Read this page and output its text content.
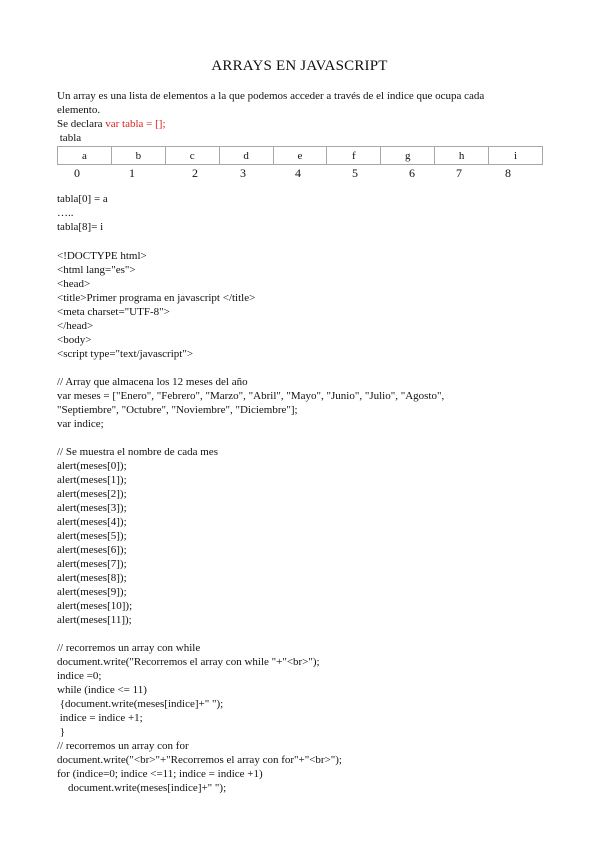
ARRAYS EN JAVASCRIPT
Un array es una lista de elementos a la que podemos acceder a través de el índice que ocupa cada
elemento.
Se declara var tabla = [];
tabla
a	b	c	d	e	f	g	h	i
0	1	2	3	4	5	6	7	8
tabla[0] = a
…..
tabla[8]= i
<!DOCTYPE html>
<html lang="es">
<head>
<title>Primer programa en javascript </title>
<meta charset="UTF-8">
</head>
<body>
<script type="text/javascript">
// Array que almacena los 12 meses del año
var meses = ["Enero", "Febrero", "Marzo", "Abril", "Mayo", "Junio", "Julio", "Agosto",
"Septiembre", "Octubre", "Noviembre", "Diciembre"];
var indice;
// Se muestra el nombre de cada mes
alert(meses[0]);
alert(meses[1]);
alert(meses[2]);
alert(meses[3]);
alert(meses[4]);
alert(meses[5]);
alert(meses[6]);
alert(meses[7]);
alert(meses[8]);
alert(meses[9]);
alert(meses[10]);
alert(meses[11]);
// recorremos un array con while
document.write("Recorremos el array con while "+"<br>");
indice =0;
while (indice <= 11)
{document.write(meses[indice]+" ");
indice = indice +1;
}
// recorremos un array con for
document.write("<br>"+"Recorremos el array con for"+"<br>");
for (indice=0; indice <=11; indice = indice +1)
document.write(meses[indice]+" ");
